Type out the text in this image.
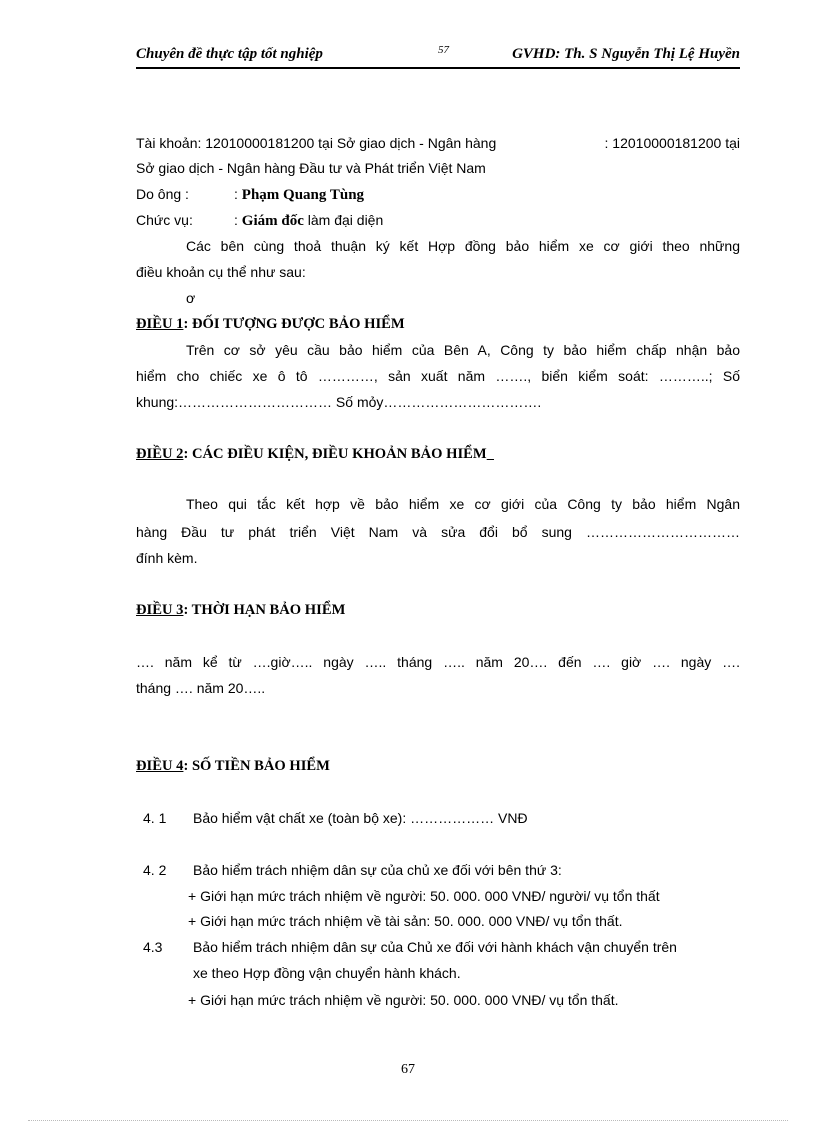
Chuyên đề thực tập tốt nghiệp	57	GVHD: Th. S Nguyễn Thị Lệ Huyền
Tài khoản: 12010000181200 tại Sở giao dịch - Ngân hàng	: 12010000181200 tại
Sở giao dịch - Ngân hàng Đầu tư và Phát triển Việt Nam
Do ông :	: Phạm Quang Tùng
Chức vụ:	: Giám đốc làm đại diện
Các bên cùng thoả thuận ký kết Hợp đồng bảo hiểm xe cơ giới theo những
điều khoản cụ thể như sau:
ơ
ĐIỀU 1: ĐỐI TƯỢNG ĐƯỢC BẢO HIỂM
Trên cơ sở yêu cầu bảo hiểm của Bên A, Công ty bảo hiểm chấp nhận bảo
hiểm cho chiếc xe ô tô …………, sản xuất năm ……., biển kiểm soát: ………..; Số
khung:…………………………… Số mỏy…………………………….
ĐIỀU 2: CÁC ĐIỀU KIỆN, ĐIỀU KHOẢN BẢO HIỂM
Theo qui tắc kết hợp về bảo hiểm xe cơ giới của Công ty bảo hiểm Ngân
hàng Đầu tư phát triển Việt Nam và sửa đổi bổ sung ……………………………
đính kèm.
ĐIỀU 3: THỜI HẠN BẢO HIỂM
…. năm kể từ ….giờ….. ngày ….. tháng ….. năm 20…. đến …. giờ …. ngày ….
tháng …. năm 20…..
ĐIỀU 4: SỐ TIỀN BẢO HIỂM
4. 1 Bảo hiểm vật chất xe (toàn bộ xe): ……………… VNĐ
4. 2 Bảo hiểm trách nhiệm dân sự của chủ xe đối với bên thứ 3:
+ Giới hạn mức trách nhiệm về người: 50. 000. 000 VNĐ/ người/ vụ tổn thất
+ Giới hạn mức trách nhiệm về tài sản: 50. 000. 000 VNĐ/ vụ tổn thất.
4.3 Bảo hiểm trách nhiệm dân sự của Chủ xe đối với hành khách vận chuyển trên
xe theo Hợp đồng vận chuyển hành khách.
+ Giới hạn mức trách nhiệm về người: 50. 000. 000 VNĐ/ vụ tổn thất.
67
